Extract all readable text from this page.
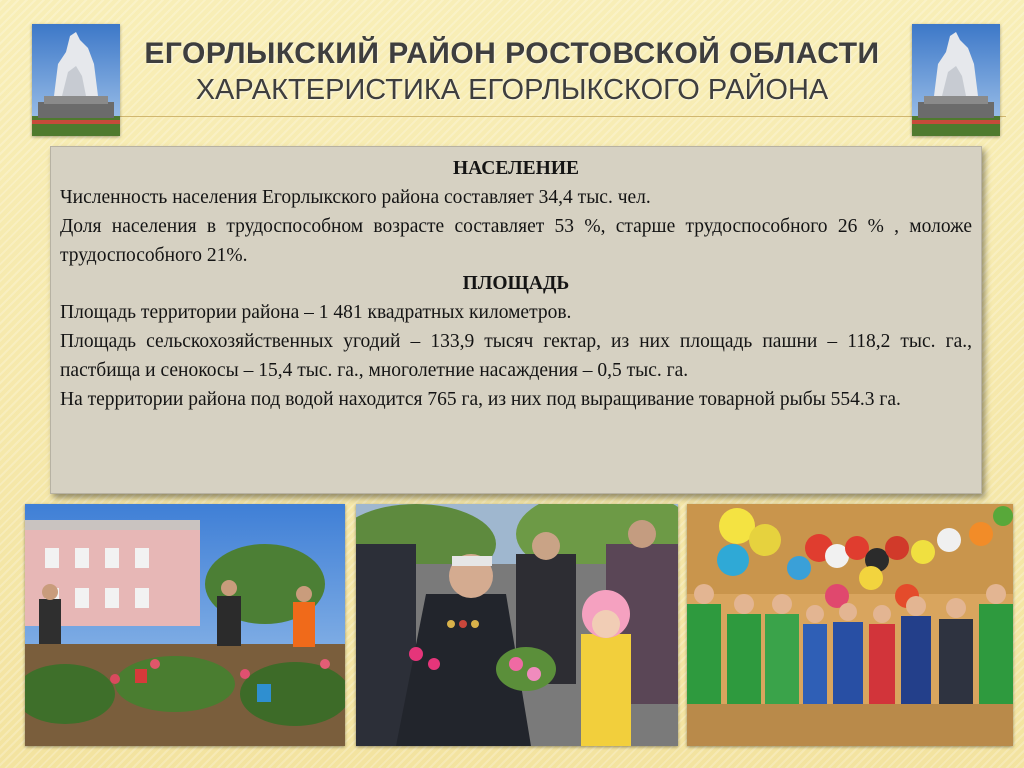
ЕГОРЛЫКСКИЙ РАЙОН РОСТОВСКОЙ ОБЛАСТИ
ХАРАКТЕРИСТИКА ЕГОРЛЫКСКОГО РАЙОНА

НАСЕЛЕНИЕ

Численность населения Егорлыкского района составляет 34,4 тыс. чел.

Доля населения в трудоспособном возрасте составляет 53 %, старше трудоспособного 26 % , моложе трудоспособного 21%.

ПЛОЩАДЬ

Площадь территории района – 1 481 квадратных километров.

Площадь сельскохозяйственных угодий – 133,9 тысяч гектар, из них площадь пашни – 118,2 тыс. га., пастбища и сенокосы – 15,4 тыс. га., многолетние насаждения – 0,5 тыс. га.

На территории района под водой находится 765 га, из них под выращивание товарной рыбы 554.3 га.
